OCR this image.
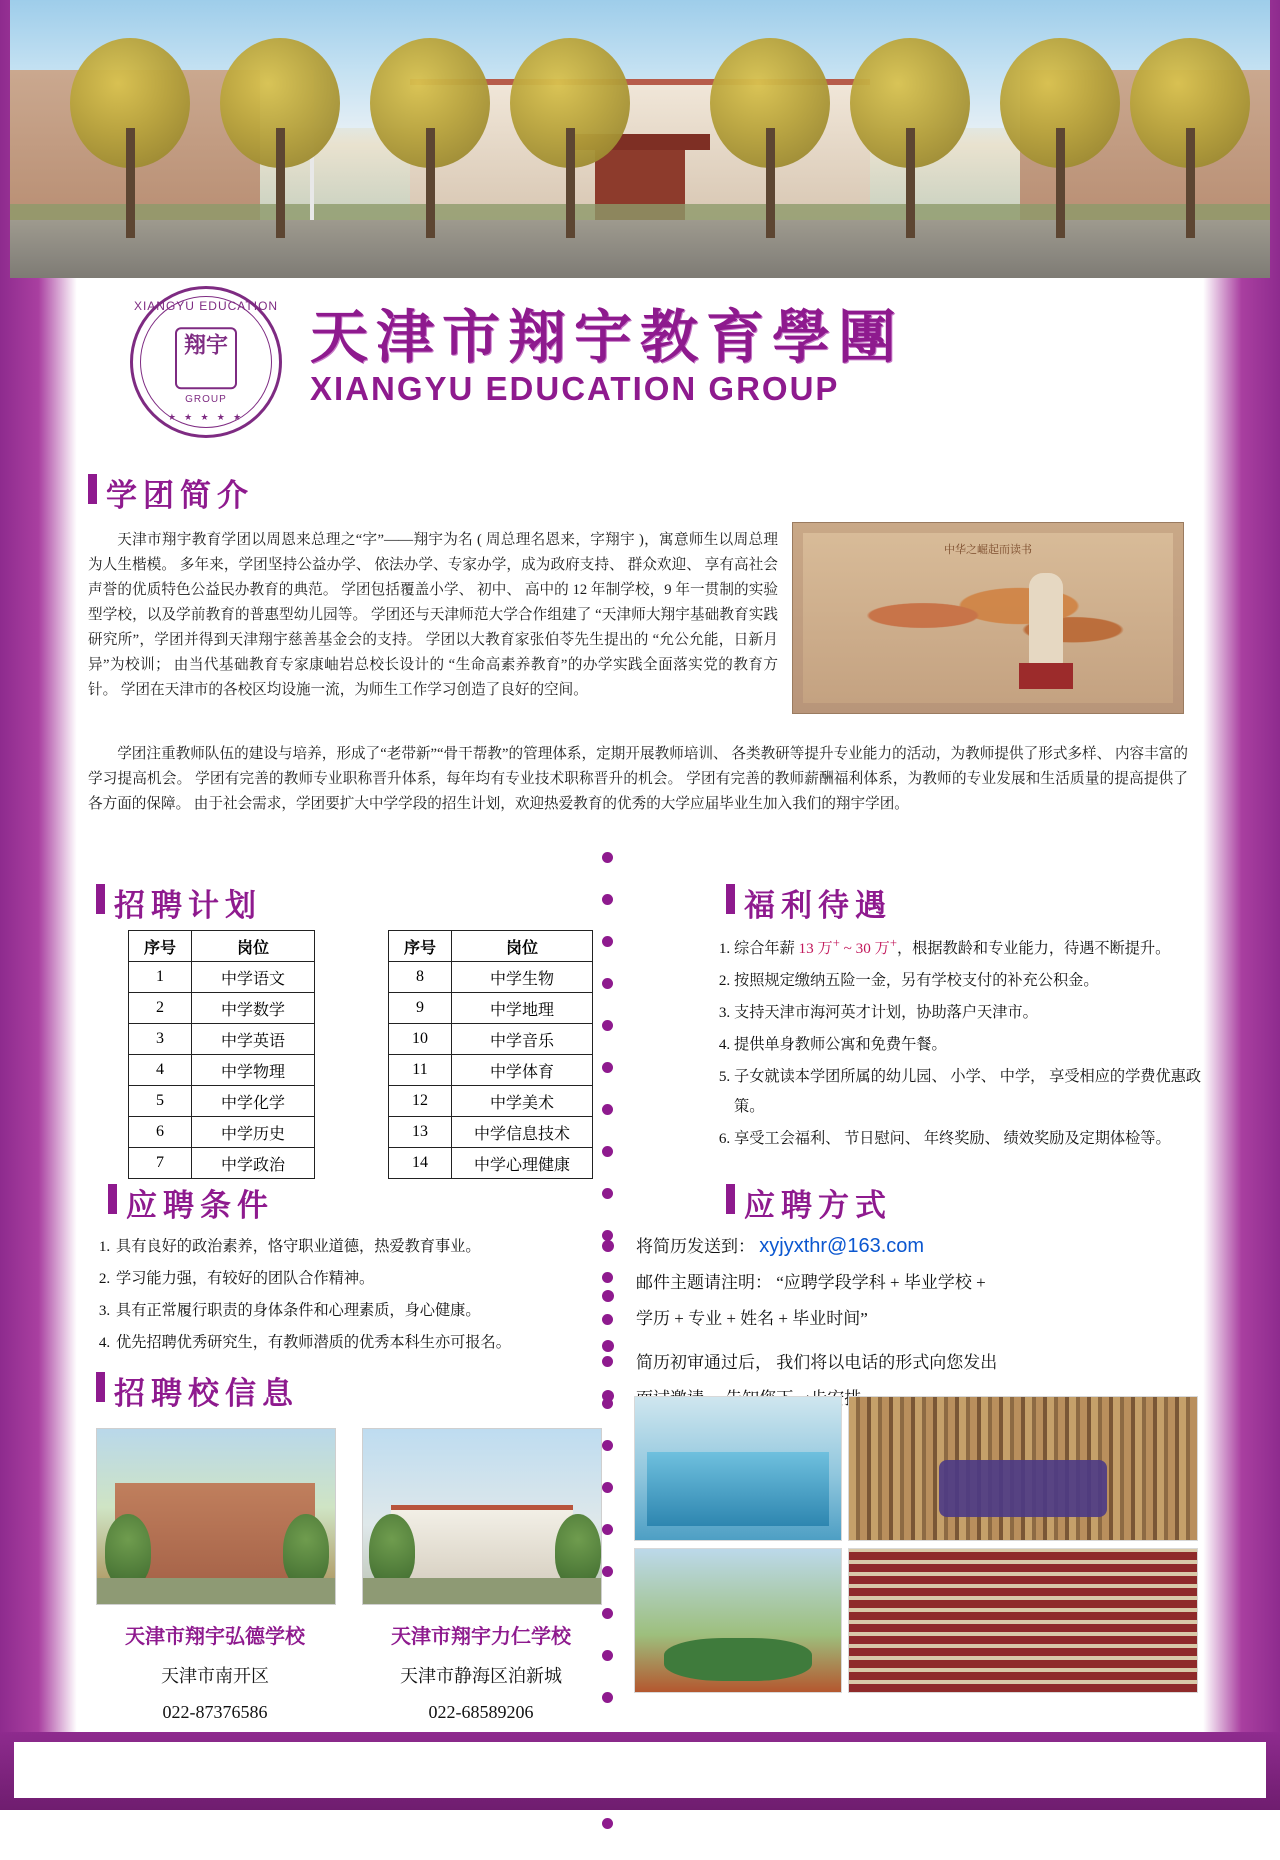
XIANGYU EDUCATION
翔宇
GROUP
★ ★ ★ ★ ★
天津市翔宇教育學團
XIANGYU EDUCATION GROUP
学团简介

天津市翔宇教育学团以周恩来总理之“字”——翔宇为名 ( 周总理名恩来，字翔宇 )，寓意师生以周总理为人生楷模。 多年来，学团坚持公益办学、 依法办学、专家办学，成为政府支持、 群众欢迎、 享有高社会声誉的优质特色公益民办教育的典范。 学团包括覆盖小学、 初中、 高中的 12 年制学校，9 年一贯制的实验型学校，以及学前教育的普惠型幼儿园等。 学团还与天津师范大学合作组建了 “天津师大翔宇基础教育实践研究所”，学团并得到天津翔宇慈善基金会的支持。 学团以大教育家张伯苓先生提出的 “允公允能，日新月异”为校训； 由当代基础教育专家康岫岩总校长设计的 “生命高素养教育”的办学实践全面落实党的教育方针。 学团在天津市的各校区均设施一流，为师生工作学习创造了良好的空间。

中华之崛起而读书

学团注重教师队伍的建设与培养，形成了“老带新”“骨干帮教”的管理体系，定期开展教师培训、 各类教研等提升专业能力的活动，为教师提供了形式多样、 内容丰富的学习提高机会。 学团有完善的教师专业职称晋升体系，每年均有专业技术职称晋升的机会。 学团有完善的教师薪酬福利体系，为教师的专业发展和生活质量的提高提供了各方面的保障。 由于社会需求，学团要扩大中学学段的招生计划，欢迎热爱教育的优秀的大学应届毕业生加入我们的翔宇学团。

招聘计划
序号	岗位
1	中学语文
2	中学数学
3	中学英语
4	中学物理
5	中学化学
6	中学历史
7	中学政治
序号	岗位
8	中学生物
9	中学地理
10	中学音乐
11	中学体育
12	中学美术
13	中学信息技术
14	中学心理健康
福利待遇
1. 综合年薪 13 万+ ~ 30 万+，根据教龄和专业能力，待遇不断提升。
2. 按照规定缴纳五险一金，另有学校支付的补充公积金。
3. 支持天津市海河英才计划，协助落户天津市。
4. 提供单身教师公寓和免费午餐。
5. 子女就读本学团所属的幼儿园、 小学、 中学， 享受相应的学费优惠政策。
6. 享受工会福利、 节日慰问、 年终奖励、 绩效奖励及定期体检等。
应聘条件
1. 具有良好的政治素养，恪守职业道德，热爱教育事业。
2. 学习能力强，有较好的团队合作精神。
3. 具有正常履行职责的身体条件和心理素质，身心健康。
4. 优先招聘优秀研究生，有教师潜质的优秀本科生亦可报名。
应聘方式
将简历发送到： xyjyxthr@163.com
邮件主题请注明： “应聘学段学科 + 毕业学校 +
学历 + 专业 + 姓名 + 毕业时间”
简历初审通过后， 我们将以电话的形式向您发出
招聘校信息
天津市翔宇弘德学校	天津市翔宇力仁学校
天津市南开区	天津市静海区泊新城
022-87376586	022-68589206
